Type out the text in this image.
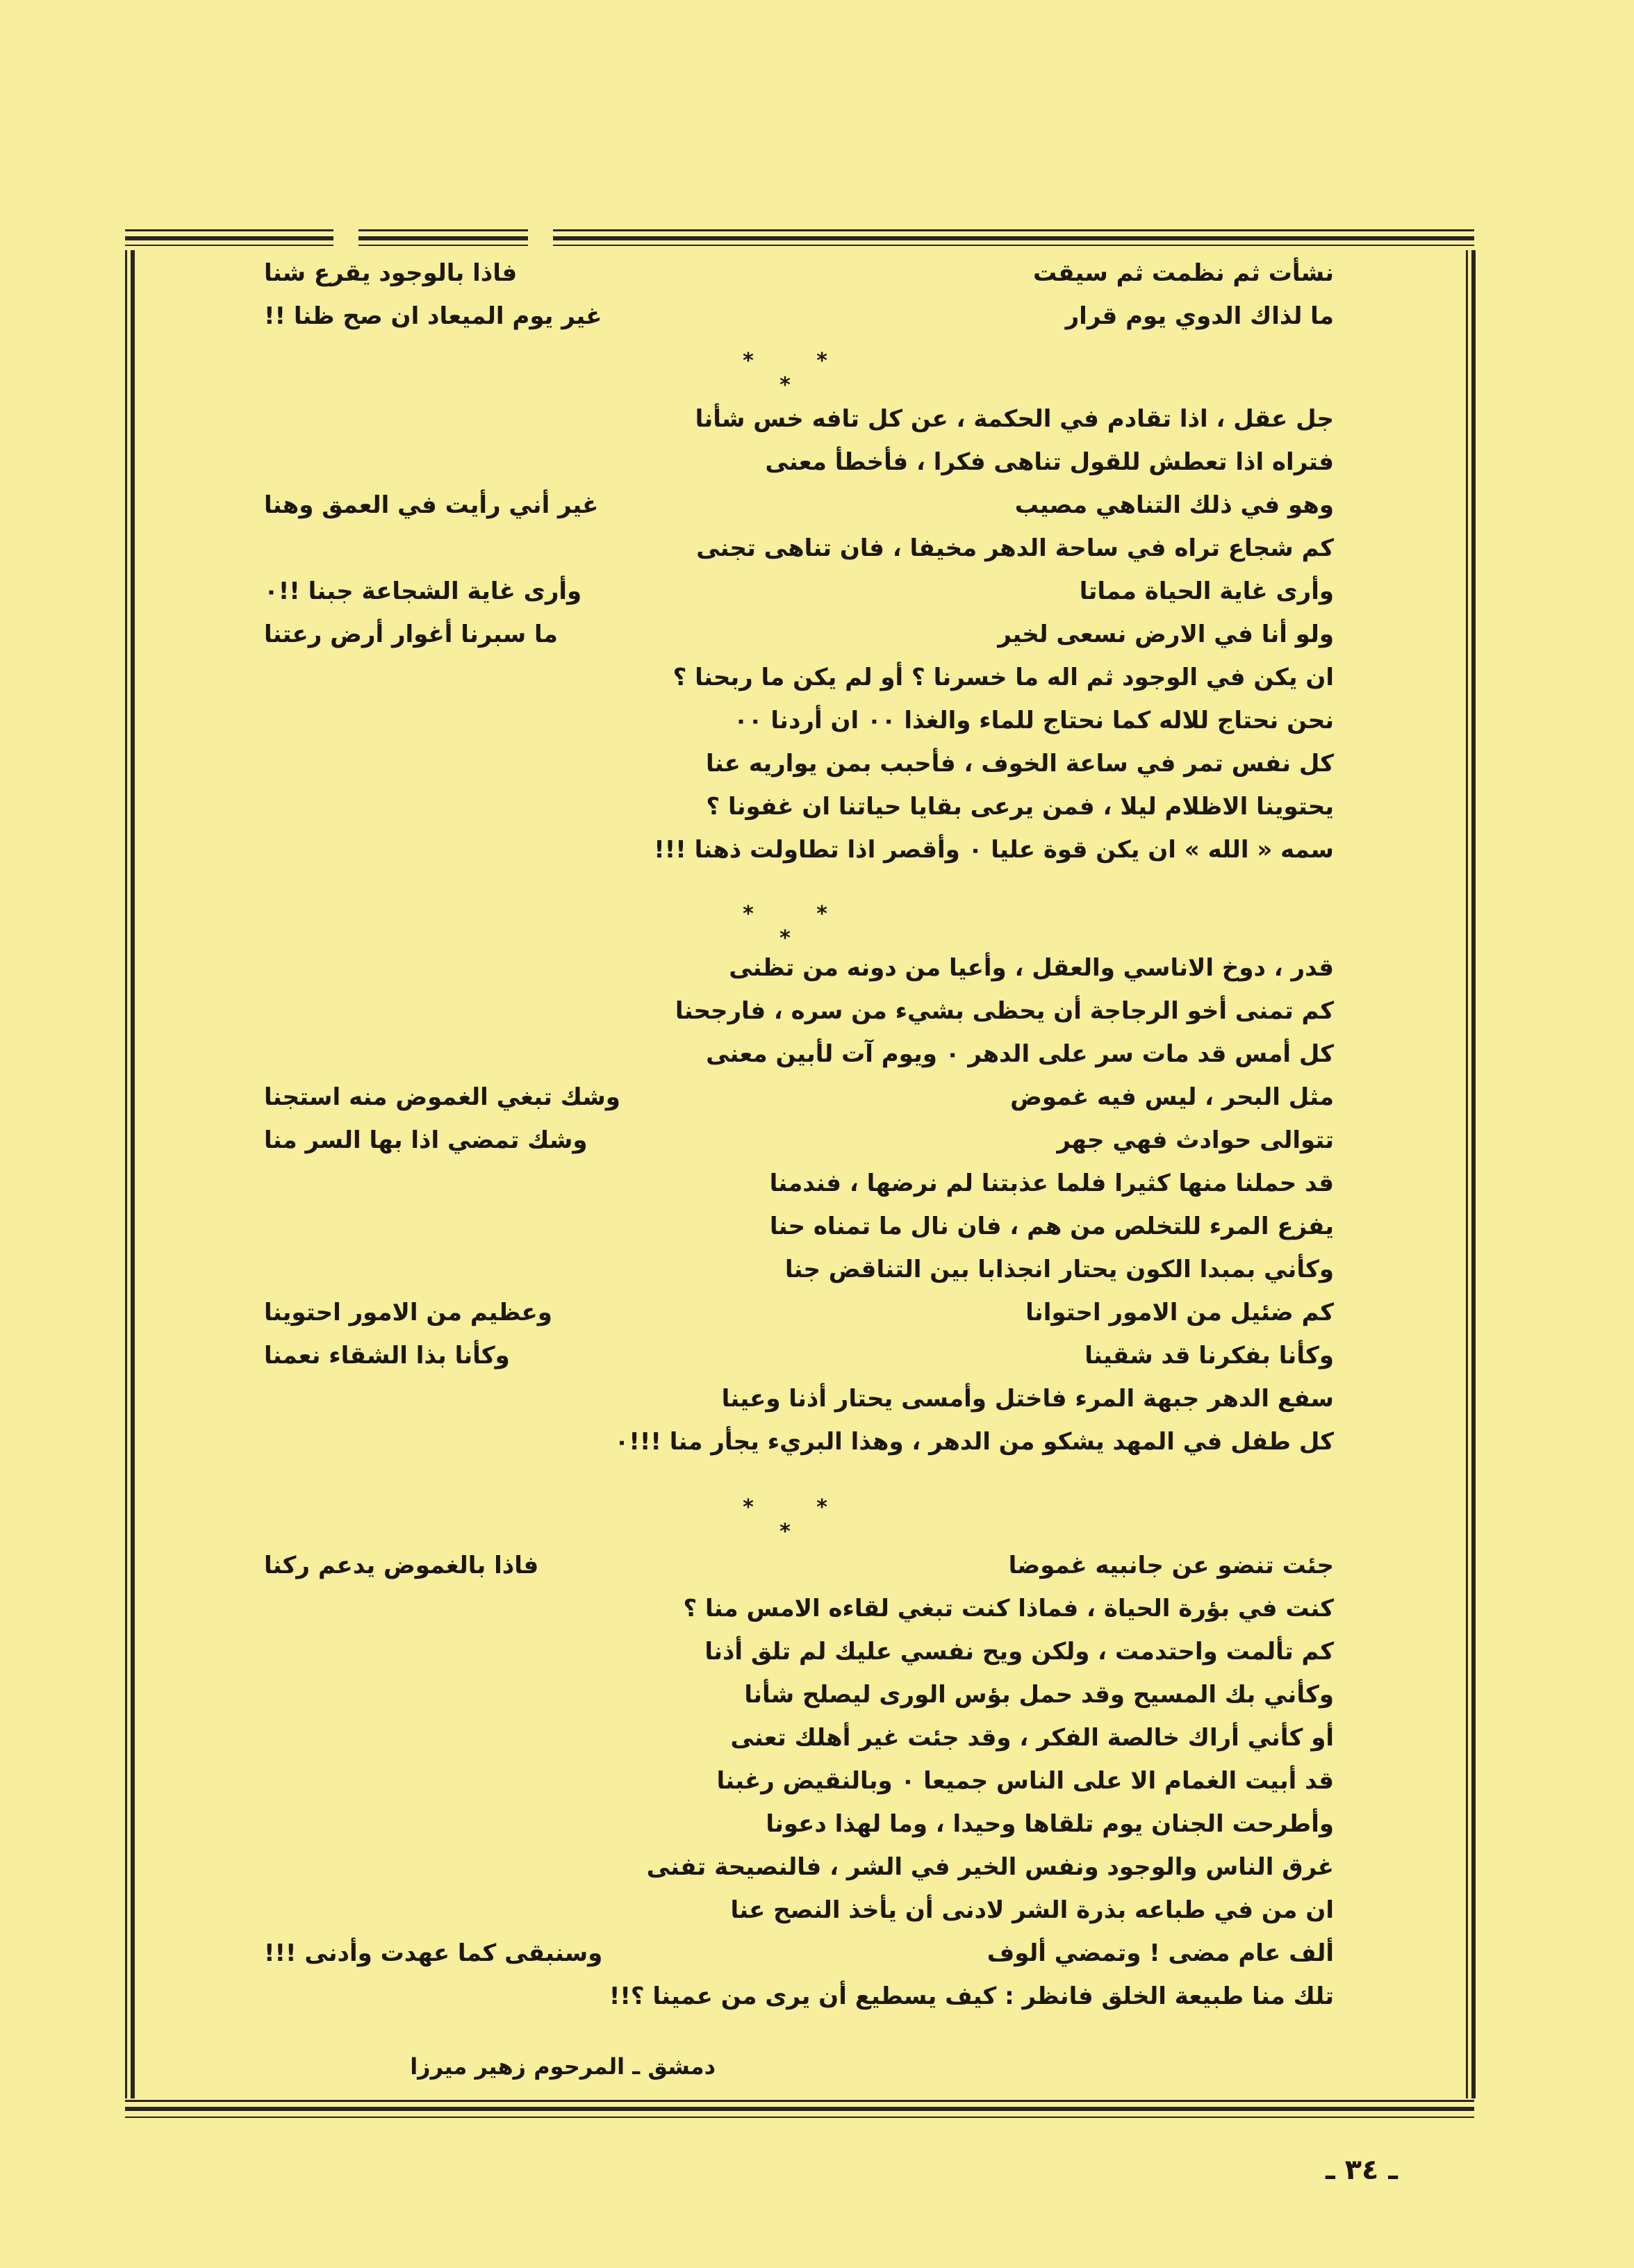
نشأت ثم نظمت ثم سيقت
فاذا بالوجود يقرع شنا
ما لذاك الدوي يوم قرار
غير يوم الميعاد ان صح ظنا !!
* * *
جل عقل ، اذا تقادم في الحكمة ، عن كل تافه خس شأنا
فتراه اذا تعطش للقول تناهى فكرا ، فأخطأ معنى
وهو في ذلك التناهي مصيب
غير أني رأيت في العمق وهنا
كم شجاع تراه في ساحة الدهر مخيفا ، فان تناهى تجنى
وأرى غاية الحياة مماتا
وأرى غاية الشجاعة جبنا !!٠
ولو أنا في الارض نسعى لخير
ما سبرنا أغوار أرض رعتنا
ان يكن في الوجود ثم اله ما خسرنا ؟ أو لم يكن ما ربحنا ؟
نحن نحتاج للاله كما نحتاج للماء والغذا ٠٠ ان أردنا ٠٠
كل نفس تمر في ساعة الخوف ، فأحبب بمن يواريه عنا
يحتوينا الاظلام ليلا ، فمن يرعى بقايا حياتنا ان غفونا ؟
سمه « الله » ان يكن قوة عليا ٠ وأقصر اذا تطاولت ذهنا !!!
* * *
قدر ، دوخ الاناسي والعقل ، وأعيا من دونه من تظنى
كم تمنى أخو الرجاجة أن يحظى بشيء من سره ، فارجحنا
كل أمس قد مات سر على الدهر ٠ ويوم آت لأبين معنى
مثل البحر ، ليس فيه غموض
وشك تبغي الغموض منه استجنا
تتوالى حوادث فهي جهر
وشك تمضي اذا بها السر منا
قد حملنا منها كثيرا فلما عذبتنا لم نرضها ، فندمنا
يفزع المرء للتخلص من هم ، فان نال ما تمناه حنا
وكأني بمبدا الكون يحتار انجذابا بين التناقض جنا
كم ضئيل من الامور احتوانا
وعظيم من الامور احتوينا
وكأنا بفكرنا قد شقينا
وكأنا بذا الشقاء نعمنا
سفع الدهر جبهة المرء فاختل وأمسى يحتار أذنا وعينا
كل طفل في المهد يشكو من الدهر ، وهذا البريء يجأر منا !!!٠
* * *
جئت تنضو عن جانبيه غموضا
فاذا بالغموض يدعم ركنا
كنت في بؤرة الحياة ، فماذا كنت تبغي لقاءه الامس منا ؟
كم تألمت واحتدمت ، ولكن ويح نفسي عليك لم تلق أذنا
وكأني بك المسيح وقد حمل بؤس الورى ليصلح شأنا
أو كأني أراك خالصة الفكر ، وقد جئت غير أهلك تعنى
قد أبيت الغمام الا على الناس جميعا ٠ وبالنقيض رغبنا
وأطرحت الجنان يوم تلقاها وحيدا ، وما لهذا دعونا
غرق الناس والوجود ونفس الخير في الشر ، فالنصيحة تفنى
ان من في طباعه بذرة الشر لادنى أن يأخذ النصح عنا
ألف عام مضى ! وتمضي ألوف
وسنبقى كما عهدت وأدنى !!!
تلك منا طبيعة الخلق فانظر : كيف يسطيع أن يرى من عمينا ؟!!
دمشق ـ المرحوم زهير ميرزا
ـ ٣٤ ـ
